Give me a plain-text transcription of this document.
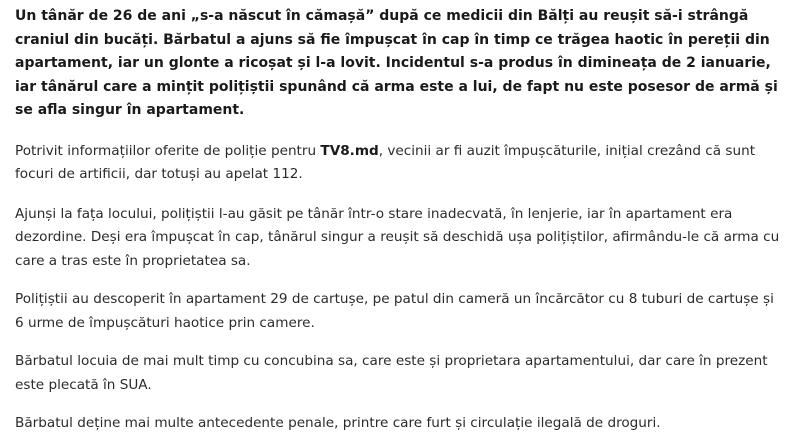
Un tânăr de 26 de ani „s-a născut în cămașă” după ce medicii din Bălți au reușit să-i strângă craniul din bucăți. Bărbatul a ajuns să fie împușcat în cap în timp ce trăgea haotic în pereții din apartament, iar un glonte a ricoșat și l-a lovit. Incidentul s-a produs în dimineața de 2 ianuarie, iar tânărul care a mințit polițiștii spunând că arma este a lui, de fapt nu este posesor de armă și se afla singur în apartament.

Potrivit informațiilor oferite de poliție pentru TV8.md, vecinii ar fi auzit împușcăturile, inițial crezând că sunt focuri de artificii, dar totuși au apelat 112.

Ajunși la fața locului, polițiștii l-au găsit pe tânăr într-o stare inadecvată, în lenjerie, iar în apartament era dezordine. Deși era împușcat în cap, tânărul singur a reușit să deschidă ușa polițiștilor, afirmându-le că arma cu care a tras este în proprietatea sa.

Polițiștii au descoperit în apartament 29 de cartușe, pe patul din cameră un încărcător cu 8 tuburi de cartușe și 6 urme de împușcături haotice prin camere.

Bărbatul locuia de mai mult timp cu concubina sa, care este și proprietara apartamentului, dar care în prezent este plecată în SUA.

Bărbatul deține mai multe antecedente penale, printre care furt și circulație ilegală de droguri.
